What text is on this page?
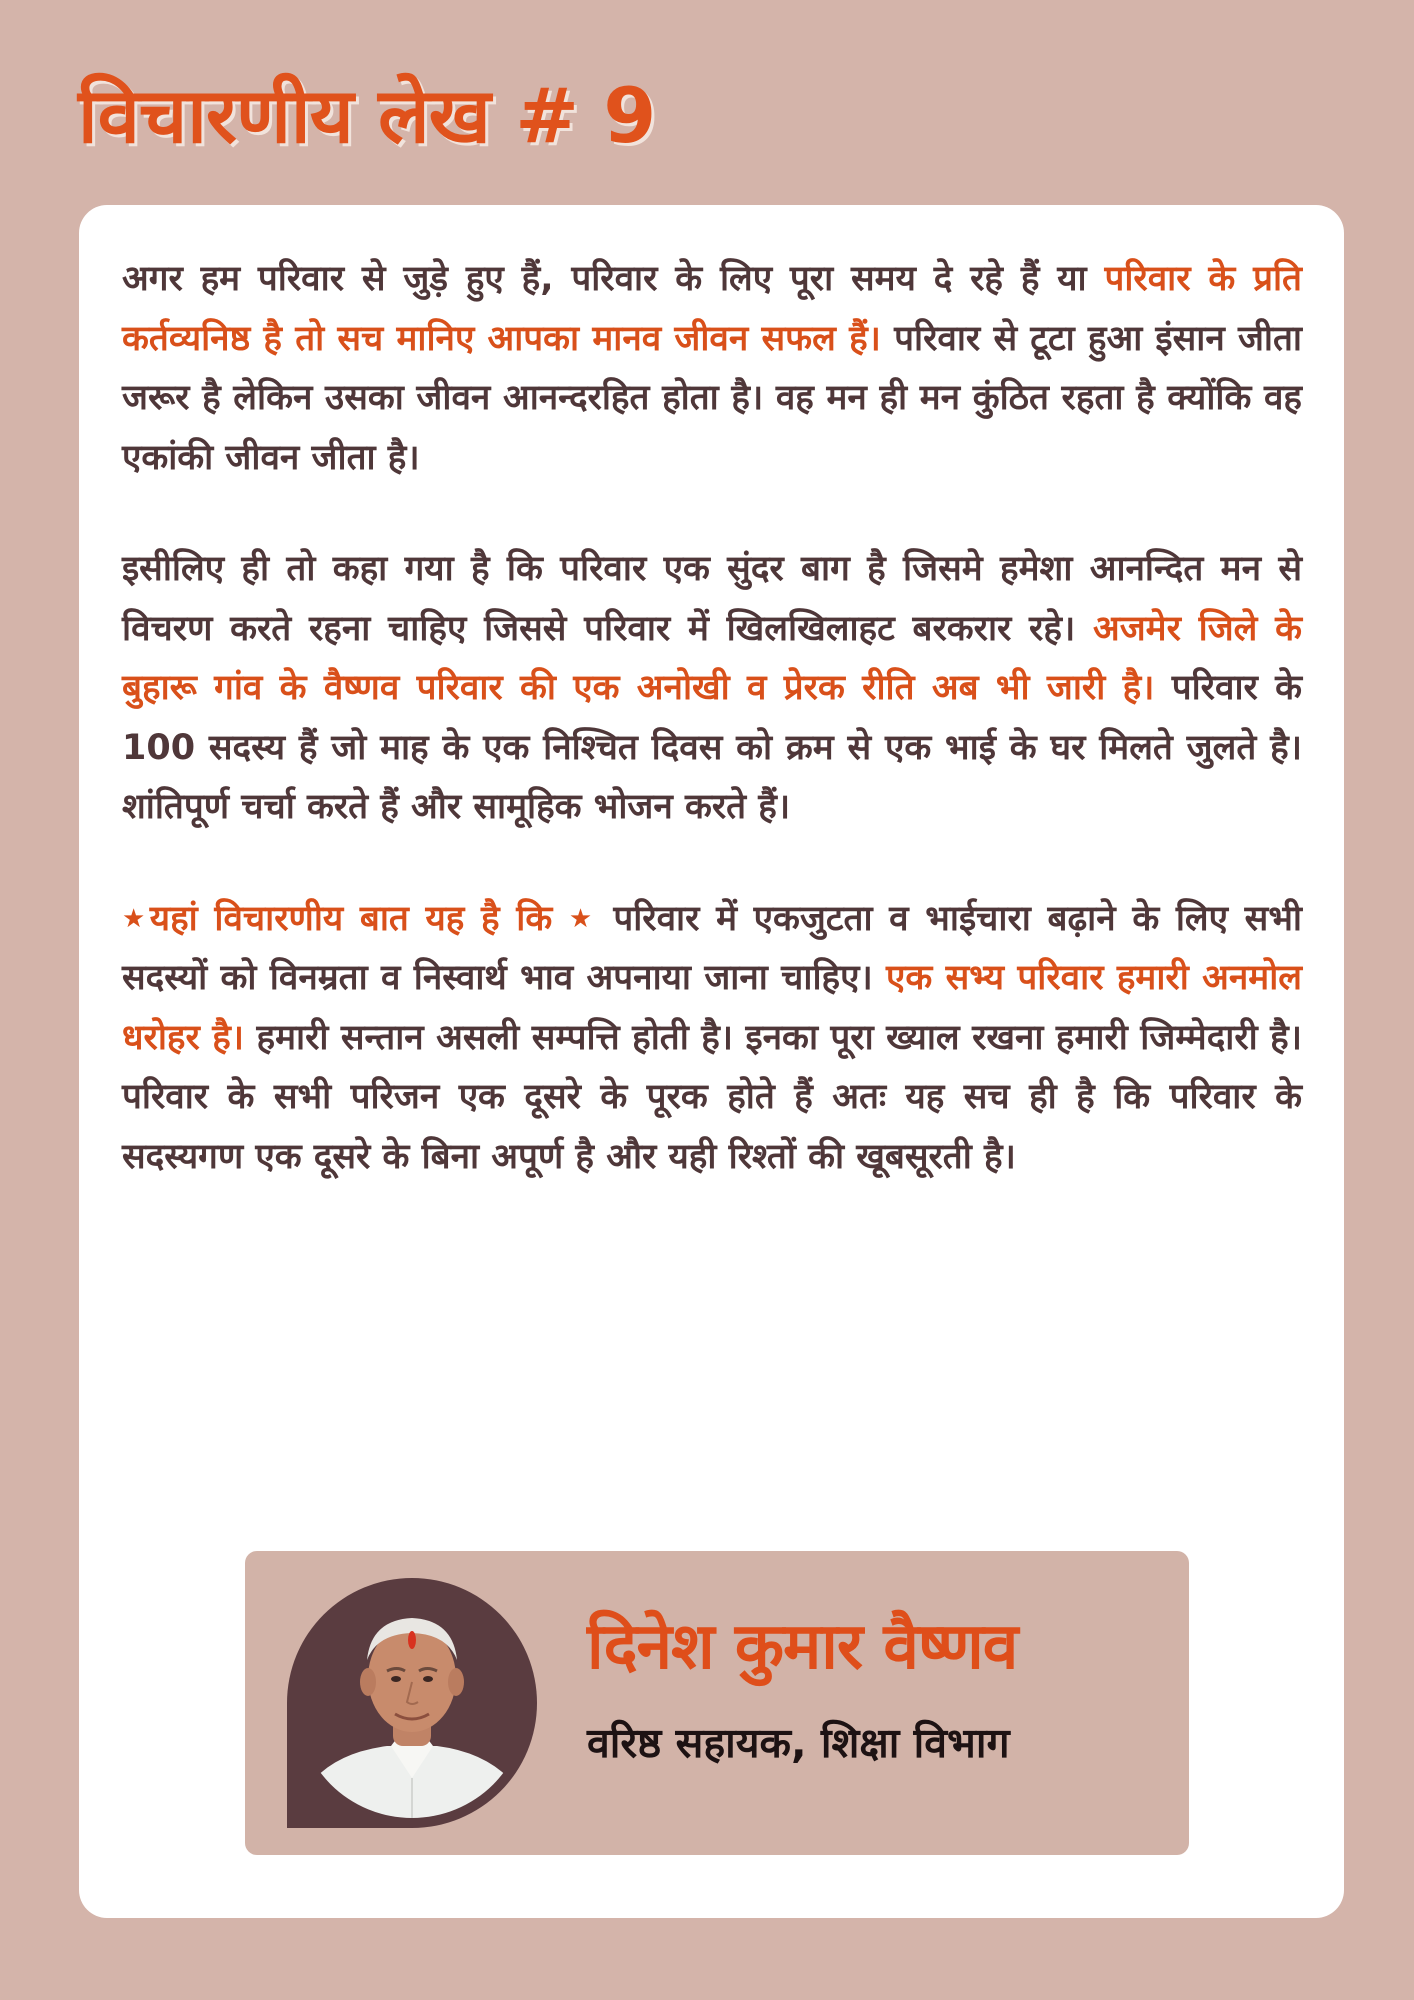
विचारणीय लेख # 9

अगर हम परिवार से जुड़े हुए हैं, परिवार के लिए पूरा समय दे रहे हैं या परिवार के प्रति कर्तव्यनिष्ठ है तो सच मानिए आपका मानव जीवन सफल हैं। परिवार से टूटा हुआ इंसान जीता जरूर है लेकिन उसका जीवन आनन्दरहित होता है। वह मन ही मन कुंठित रहता है क्योंकि वह एकांकी जीवन जीता है।

इसीलिए ही तो कहा गया है कि परिवार एक सुंदर बाग है जिसमे हमेशा आनन्दित मन से विचरण करते रहना चाहिए जिससे परिवार में खिलखिलाहट बरकरार रहे। अजमेर जिले के बुहारू गांव के वैष्णव परिवार की एक अनोखी व प्रेरक रीति अब भी जारी है। परिवार के 100 सदस्य हैं जो माह के एक निश्चित दिवस को क्रम से एक भाई के घर मिलते जुलते है। शांतिपूर्ण चर्चा करते हैं और सामूहिक भोजन करते हैं।

★यहां विचारणीय बात यह है कि ★ परिवार में एकजुटता व भाईचारा बढ़ाने के लिए सभी सदस्यों को विनम्रता व निस्वार्थ भाव अपनाया जाना चाहिए। एक सभ्य परिवार हमारी अनमोल धरोहर है। हमारी सन्तान असली सम्पत्ति होती है। इनका पूरा ख्याल रखना हमारी जिम्मेदारी है। परिवार के सभी परिजन एक दूसरे के पूरक होते हैं अतः यह सच ही है कि परिवार के सदस्यगण एक दूसरे के बिना अपूर्ण है और यही रिश्तों की खूबसूरती है।

दिनेश कुमार वैष्णव
वरिष्ठ सहायक, शिक्षा विभाग
